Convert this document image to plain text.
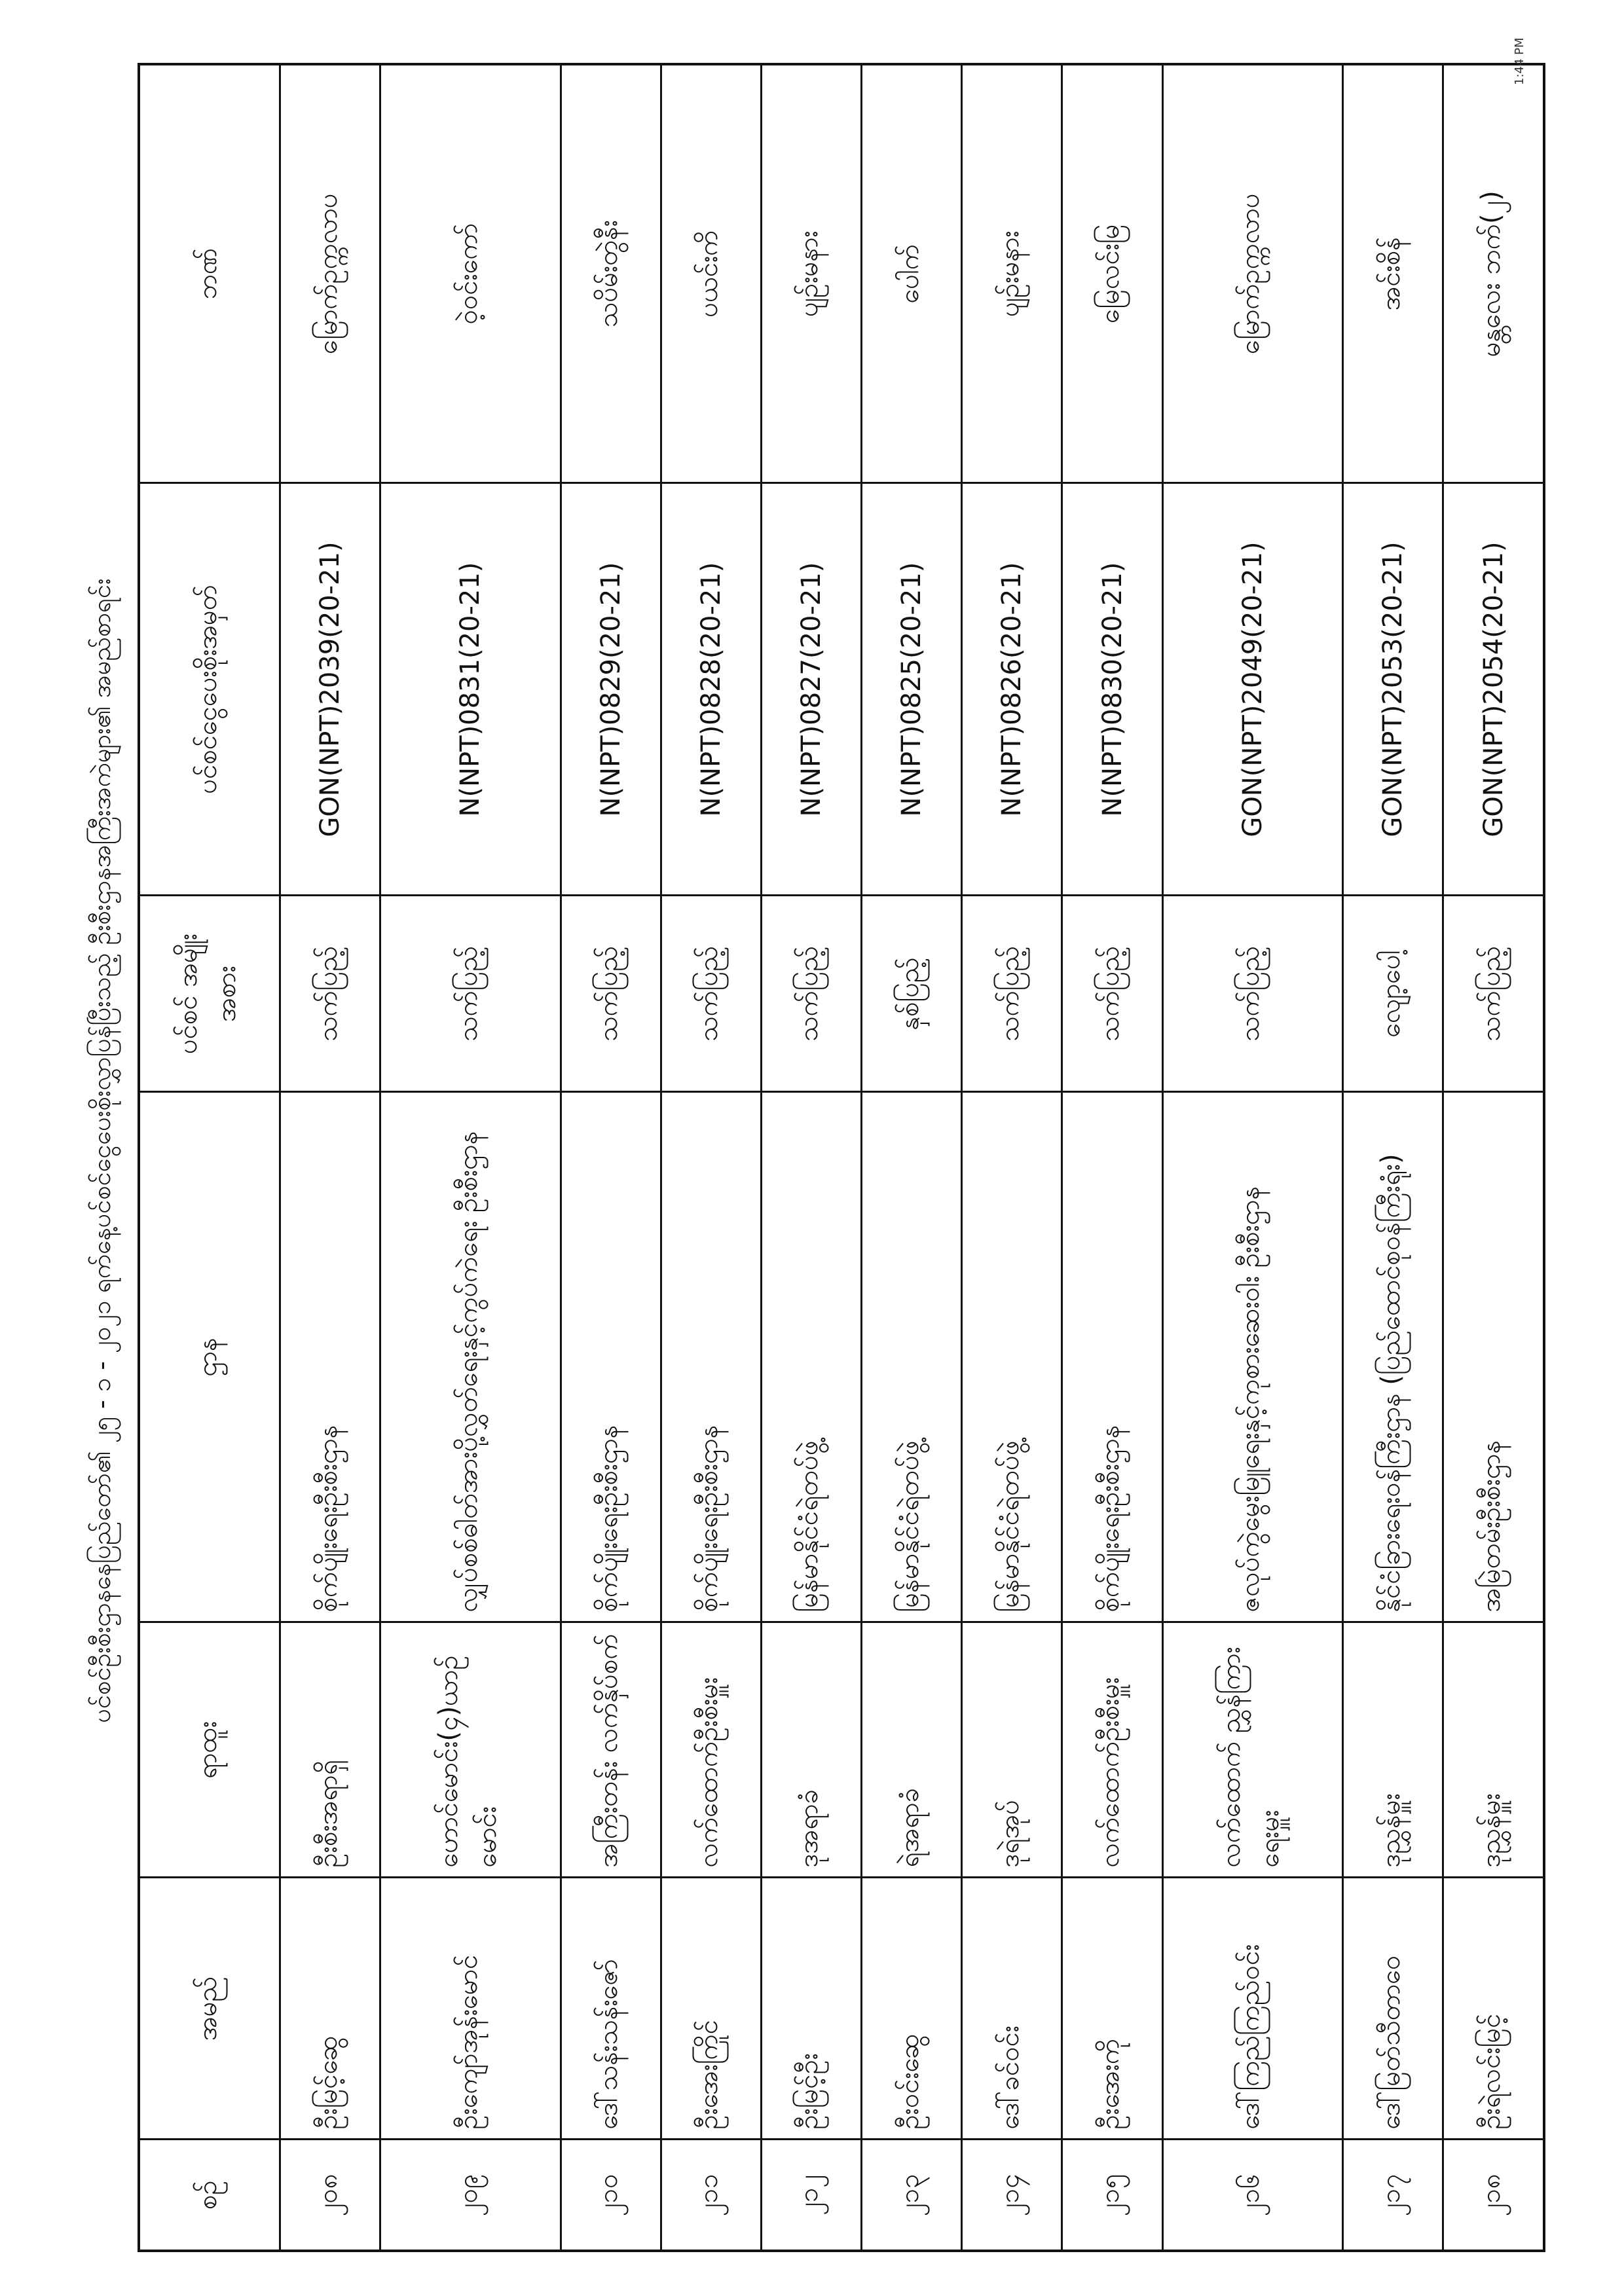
ပင်စင်ဦးစီးဌာနနေပြည်တော်၏ ၂၅ - ၁ - ၂၀၂၁ ရက်နေ့ပင်စင်ငွေပေးစိုးလွှာပြန်ပြီးသည့် ဦးစီးဌာနအကြီးအကဲများ၏ အမည်စာရင်း
စဉ်	အမည်	ရာထူး	ဌာန	ပင်စင် အမျိုးအစား	ပင်စင်ငွေပေးစိုးအမှတ်	ဘဏ်
၂၀၈	ဦးမြင့်ဆွေ	ဦးစီးအရာရှိ	စိုက်ပျိုးရေးဦးစီးဌာန	သက်ပြည့်	GON(NPT)2039(20-21)	မြောက်ဥက္ကလာပ
၂၀၉	ဦးကျော်အုန်းမောင်	ဟောင်မောင်း(၄)ယာဥ်မောင်း	လျှပ်စစ်ဓါတ်အားပို့လွှတ်ရေးနှင့်ကွပ်ကဲရေး ဦးစီးဌာန	သက်ပြည့်	N(NPT)0831(20-21)	ဝဲ့ဝင်းကော်
၂၁၀	ဒေါ်သန်းသန်းဇော်	အကြီးတန်း လက်နှိပ်စက်	စိုက်ပျိုးရေးဦးစီးဌာန	သက်ပြည့်	N(NPT)0829(20-21)	သပိမ်းတွဲနီး
၂၁၁	ဦးအေးကြိုင်	လက်ထောက်ဦးစီးမှူး	စိုက်ပျိုးရေးဦးစီးဌာန	သက်ပြည့်	N(NPT)0828(20-21)	ပယင်းကိ
၂၁၂	ဦးမြင့်ဦး	ဒုအရာခံ	မြန်မာနိုင်ငံရဲတပ်ဖွဲ့	သက်ပြည့်	N(NPT)0827(20-21)	ပျဉ်းမနား
၂၁၃	ဦးဝင်းဆွေ	ရဲအရာခံ	မြန်မာနိုင်ငံရဲတပ်ဖွဲ့	နှစ်ပြည့်	N(NPT)0825(20-21)	ပေါက်
၂၁၄	ဒေါ်ခင်ဝင်း	ဒုရဲအုပ်	မြန်မာနိုင်ငံရဲတပ်ဖွဲ့	သက်ပြည့်	N(NPT)0826(20-21)	ပျဉ်းမနား
၂၁၅	ဦးအေးကို	လက်ထောက်ဦးစီးမှူး	စိုက်ပျိုးရေးဦးစီးဌာန	သက်ပြည့်	N(NPT)0830(20-21)	မြေလင်းမြ
၂၁၆	ဒေါ်ကြည်ကြည်ဝင်း	လက်ထောက် ညွှန်ကြားရေးမှူး	ဇလုပ်ကွဲမွေးမြူရေးနှင့်ကုစားဆေးဝါး ဦးစီးဌာန	သက်ပြည့်	GON(NPT)2049(20-21)	မြောက်ဥက္ကလာပ
၂၁၇	ဒေါ်မြတ်သီတာဝေ	ဒုညွှန်မှူး	နိုင်ငံခြားရေးဝန်ကြီးဌာန (ပြည်ထောင်စုဝန်ကြီးရုံး)	လျော့ပေါ့	GON(NPT)2053(20-21)	အင်းစိန်
၂၁၈	ဦးရဲလင်းမြင့်	ဒုညွှန်မှူး	အမြဲတမ်းဦးစီးဌာန	သက်ပြည့်	GON(NPT)2054(20-21)	မန္တလေး ဘက်(၂)
1:44 PM
